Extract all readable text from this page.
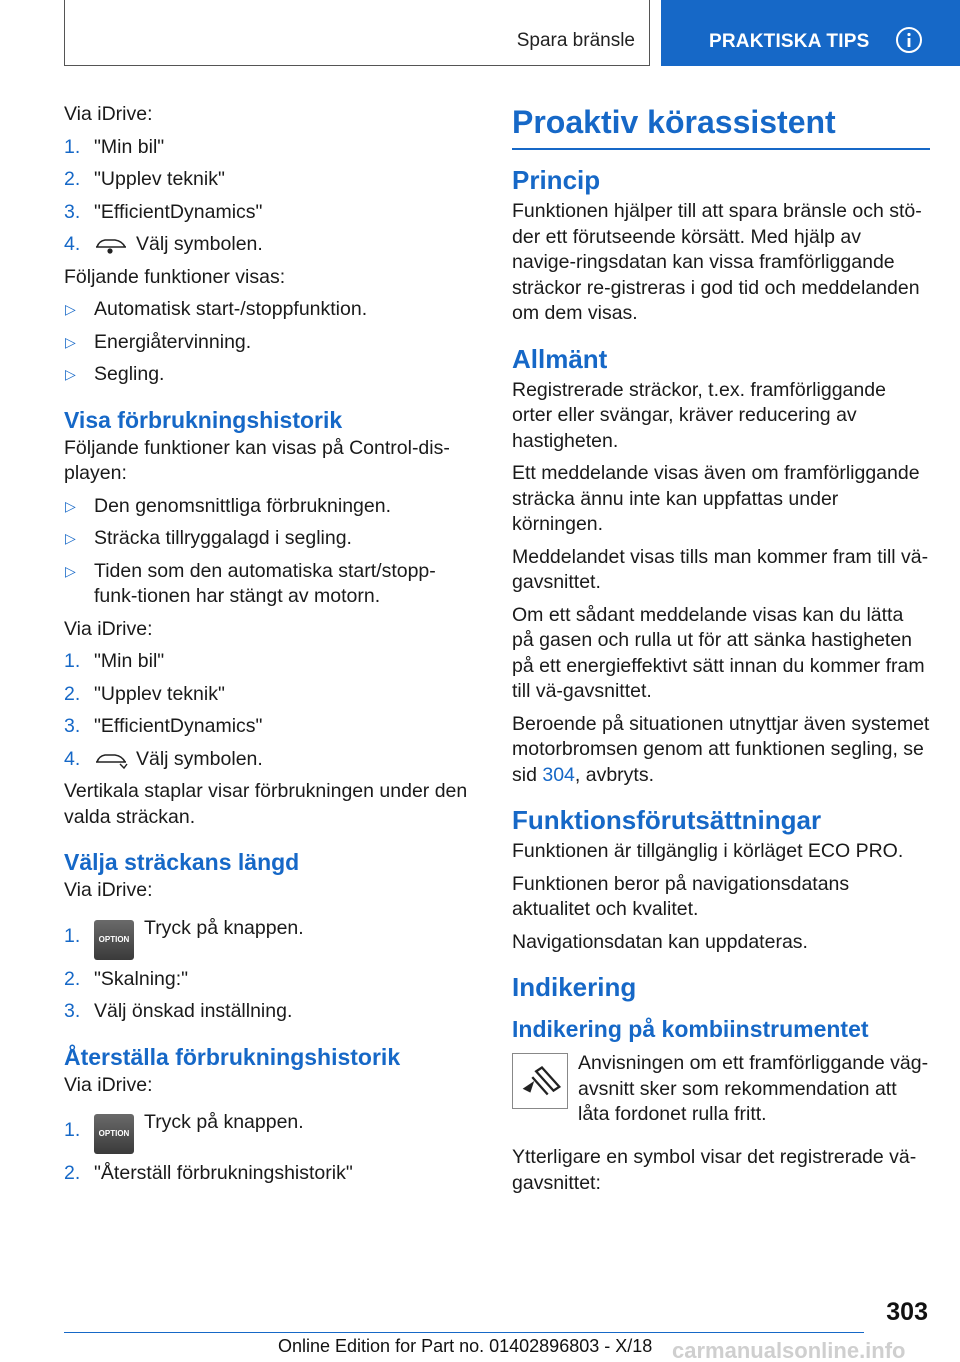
Spara bränsle	PRAKTISKA TIPS

Via iDrive:

1. "Min bil"
2. "Upplev teknik"
3. "EfficientDynamics"
4.	Välj symbolen.

Följande funktioner visas:

▷ Automatisk start-/stoppfunktion.
▷ Energiåtervinning.
▷ Segling.
Visa förbrukningshistorik

Följande funktioner kan visas på Control-dis-playen:

▷ Den genomsnittliga förbrukningen.
▷ Sträcka tillryggalagd i segling.
▷ Tiden som den automatiska start/stopp-funk-tionen har stängt av motorn.

Via iDrive:

1. "Min bil"
2. "Upplev teknik"
3. "EfficientDynamics"
4.	Välj symbolen.

Vertikala staplar visar förbrukningen under den valda sträckan.

Välja sträckans längd

Via iDrive:

1. OPTIONTryck på knappen.
2. "Skalning:"
3. Välj önskad inställning.
Återställa förbrukningshistorik

Via iDrive:

1. OPTIONTryck på knappen.
2. "Återställ förbrukningshistorik"
Proaktiv körassistent
Princip

Funktionen hjälper till att spara bränsle och stö-der ett förutseende körsätt. Med hjälp av navige-ringsdatan kan vissa framförliggande sträckor re-gistreras i god tid och meddelanden om dem visas.

Allmänt

Registrerade sträckor, t.ex. framförliggande orter eller svängar, kräver reducering av hastigheten.

Ett meddelande visas även om framförliggande sträcka ännu inte kan uppfattas under körningen.

Meddelandet visas tills man kommer fram till vä-gavsnittet.

Om ett sådant meddelande visas kan du lätta på gasen och rulla ut för att sänka hastigheten på ett energieffektivt sätt innan du kommer fram till vä-gavsnittet.

Beroende på situationen utnyttjar även systemet motorbromsen genom att funktionen segling, se sid 304, avbryts.

Funktionsförutsättningar

Funktionen är tillgänglig i körläget ECO PRO.

Funktionen beror på navigationsdatans aktualitet och kvalitet.

Navigationsdatan kan uppdateras.

Indikering
Indikering på kombiinstrumentet

Anvisningen om ett framförliggande väg-avsnitt sker som rekommendation att låta fordonet rulla fritt.

Ytterligare en symbol visar det registrerade vä-gavsnittet:

303
Online Edition for Part no. 01402896803 - X/18 carmanualsonline.info
